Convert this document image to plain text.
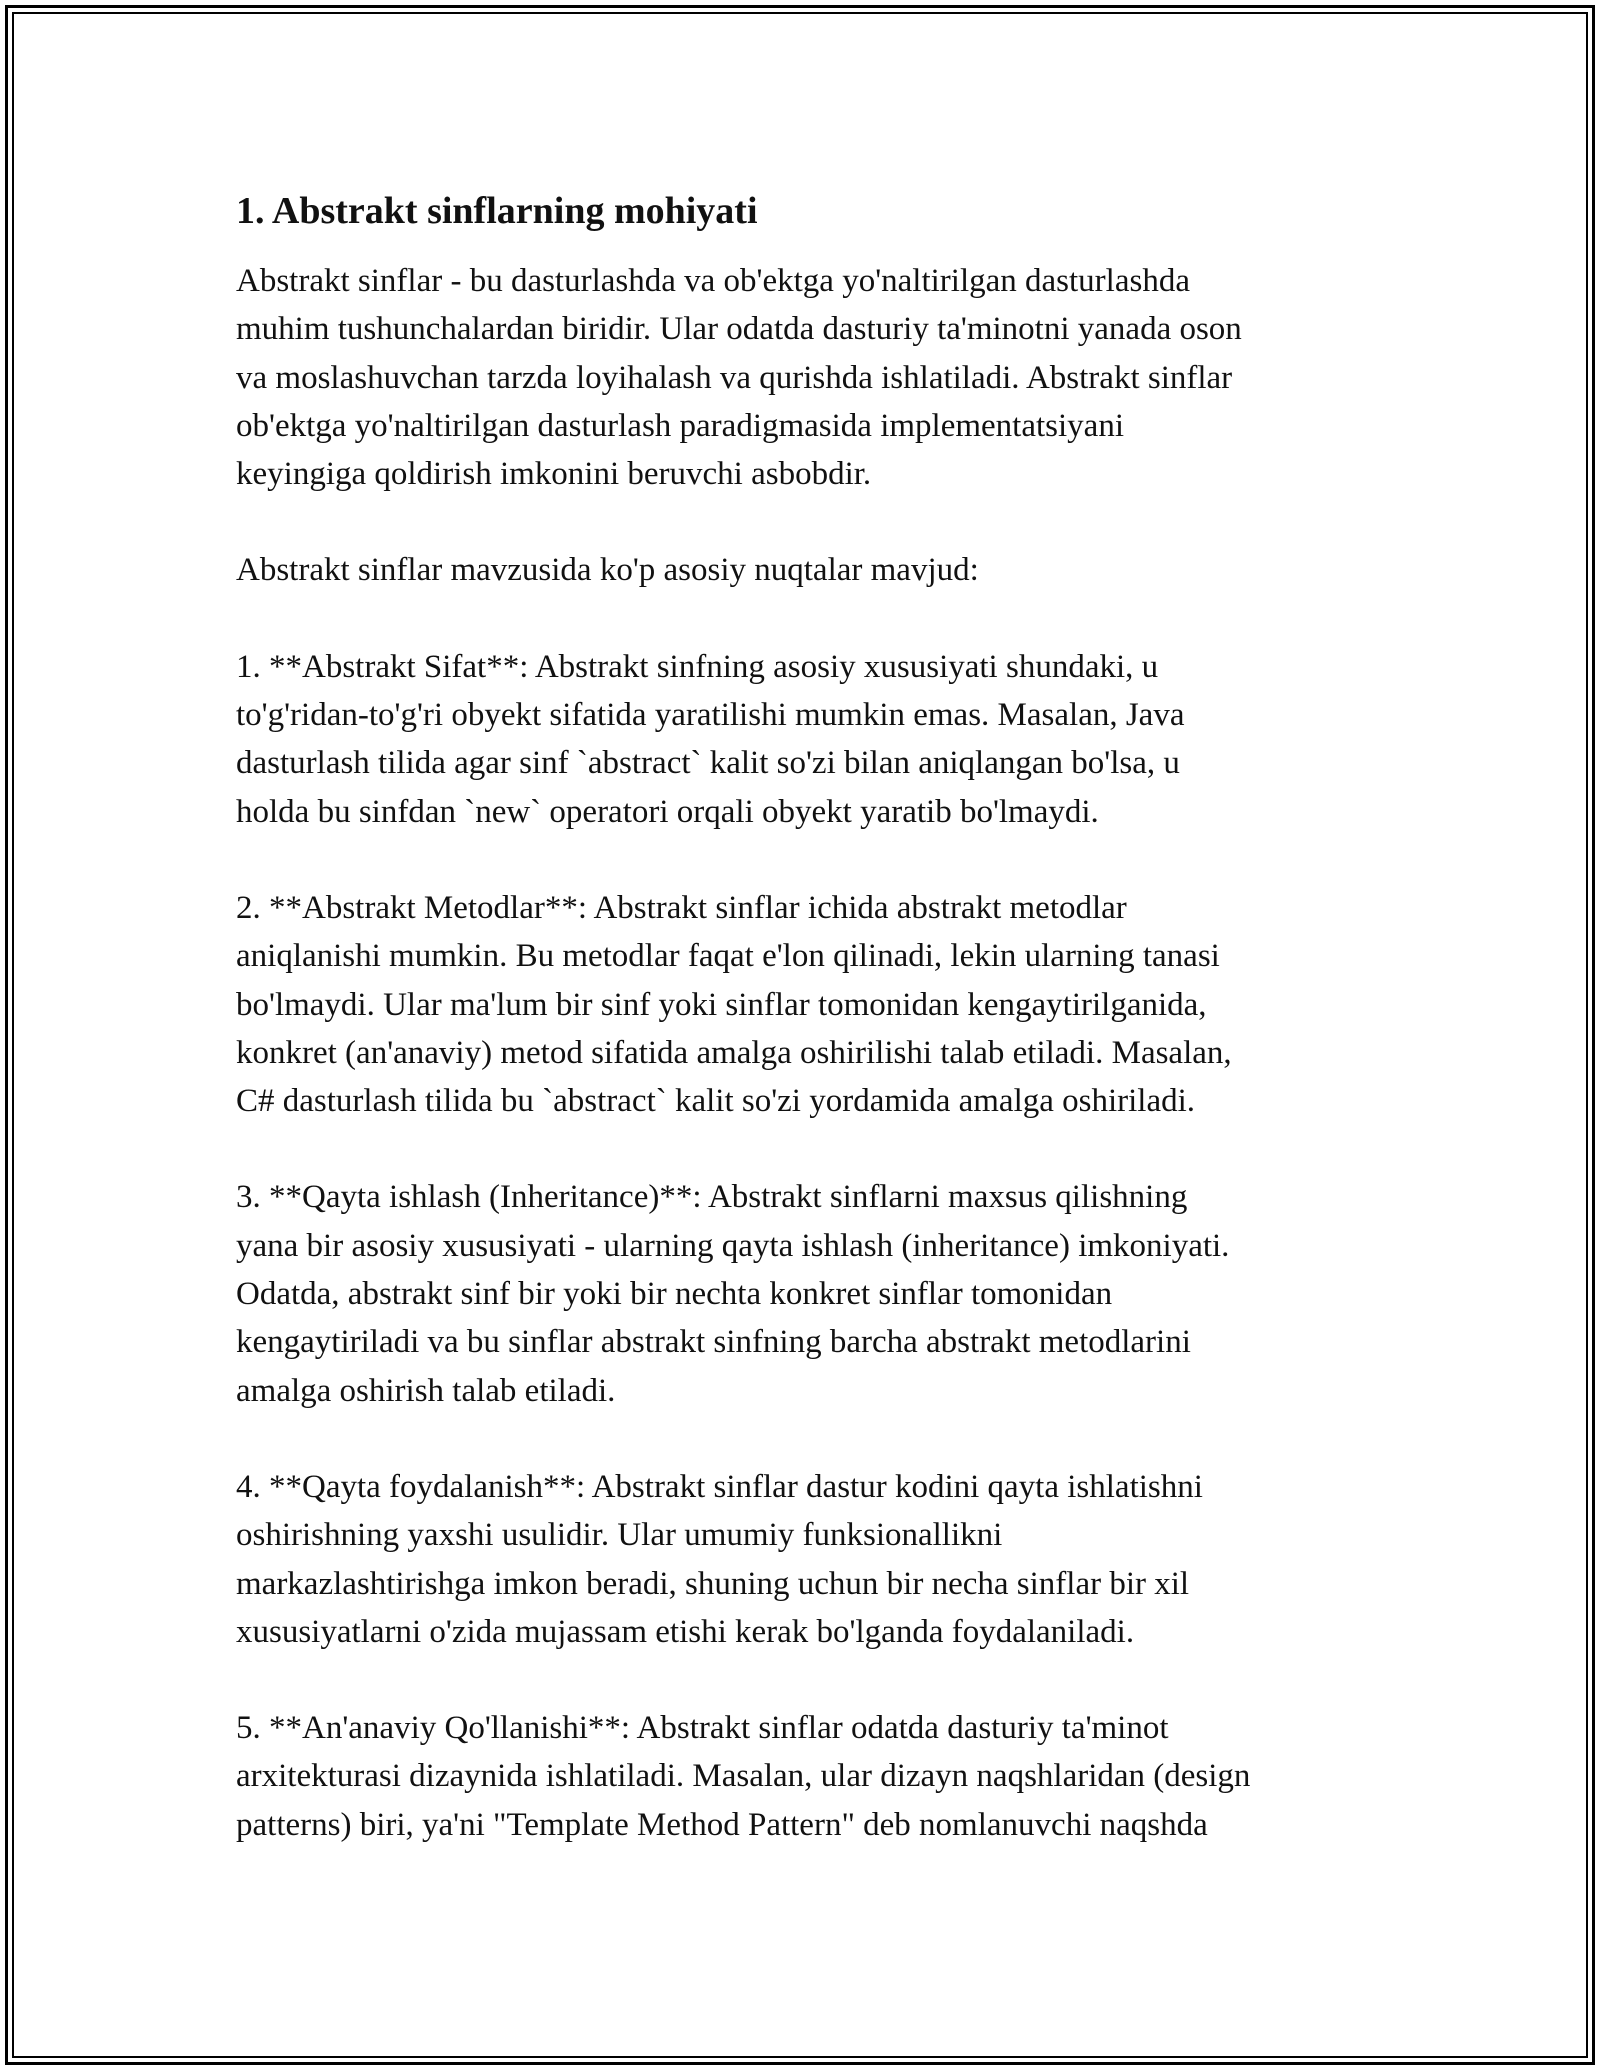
1. Abstrakt sinflarning mohiyati

Abstrakt sinflar - bu dasturlashda va ob'ektga yo'naltirilgan dasturlashda
muhim tushunchalardan biridir. Ular odatda dasturiy ta'minotni yanada oson
va moslashuvchan tarzda loyihalash va qurishda ishlatiladi. Abstrakt sinflar
ob'ektga yo'naltirilgan dasturlash paradigmasida implementatsiyani
keyingiga qoldirish imkonini beruvchi asbobdir.

Abstrakt sinflar mavzusida ko'p asosiy nuqtalar mavjud:

1. **Abstrakt Sifat**: Abstrakt sinfning asosiy xususiyati shundaki, u
to'g'ridan-to'g'ri obyekt sifatida yaratilishi mumkin emas. Masalan, Java
dasturlash tilida agar sinf `abstract` kalit so'zi bilan aniqlangan bo'lsa, u
holda bu sinfdan `new` operatori orqali obyekt yaratib bo'lmaydi.

2. **Abstrakt Metodlar**: Abstrakt sinflar ichida abstrakt metodlar
aniqlanishi mumkin. Bu metodlar faqat e'lon qilinadi, lekin ularning tanasi
bo'lmaydi. Ular ma'lum bir sinf yoki sinflar tomonidan kengaytirilganida,
konkret (an'anaviy) metod sifatida amalga oshirilishi talab etiladi. Masalan,
C# dasturlash tilida bu `abstract` kalit so'zi yordamida amalga oshiriladi.

3. **Qayta ishlash (Inheritance)**: Abstrakt sinflarni maxsus qilishning
yana bir asosiy xususiyati - ularning qayta ishlash (inheritance) imkoniyati.
Odatda, abstrakt sinf bir yoki bir nechta konkret sinflar tomonidan
kengaytiriladi va bu sinflar abstrakt sinfning barcha abstrakt metodlarini
amalga oshirish talab etiladi.

4. **Qayta foydalanish**: Abstrakt sinflar dastur kodini qayta ishlatishni
oshirishning yaxshi usulidir. Ular umumiy funksionallikni
markazlashtirishga imkon beradi, shuning uchun bir necha sinflar bir xil
xususiyatlarni o'zida mujassam etishi kerak bo'lganda foydalaniladi.

5. **An'anaviy Qo'llanishi**: Abstrakt sinflar odatda dasturiy ta'minot
arxitekturasi dizaynida ishlatiladi. Masalan, ular dizayn naqshlaridan (design
patterns) biri, ya'ni "Template Method Pattern" deb nomlanuvchi naqshda
